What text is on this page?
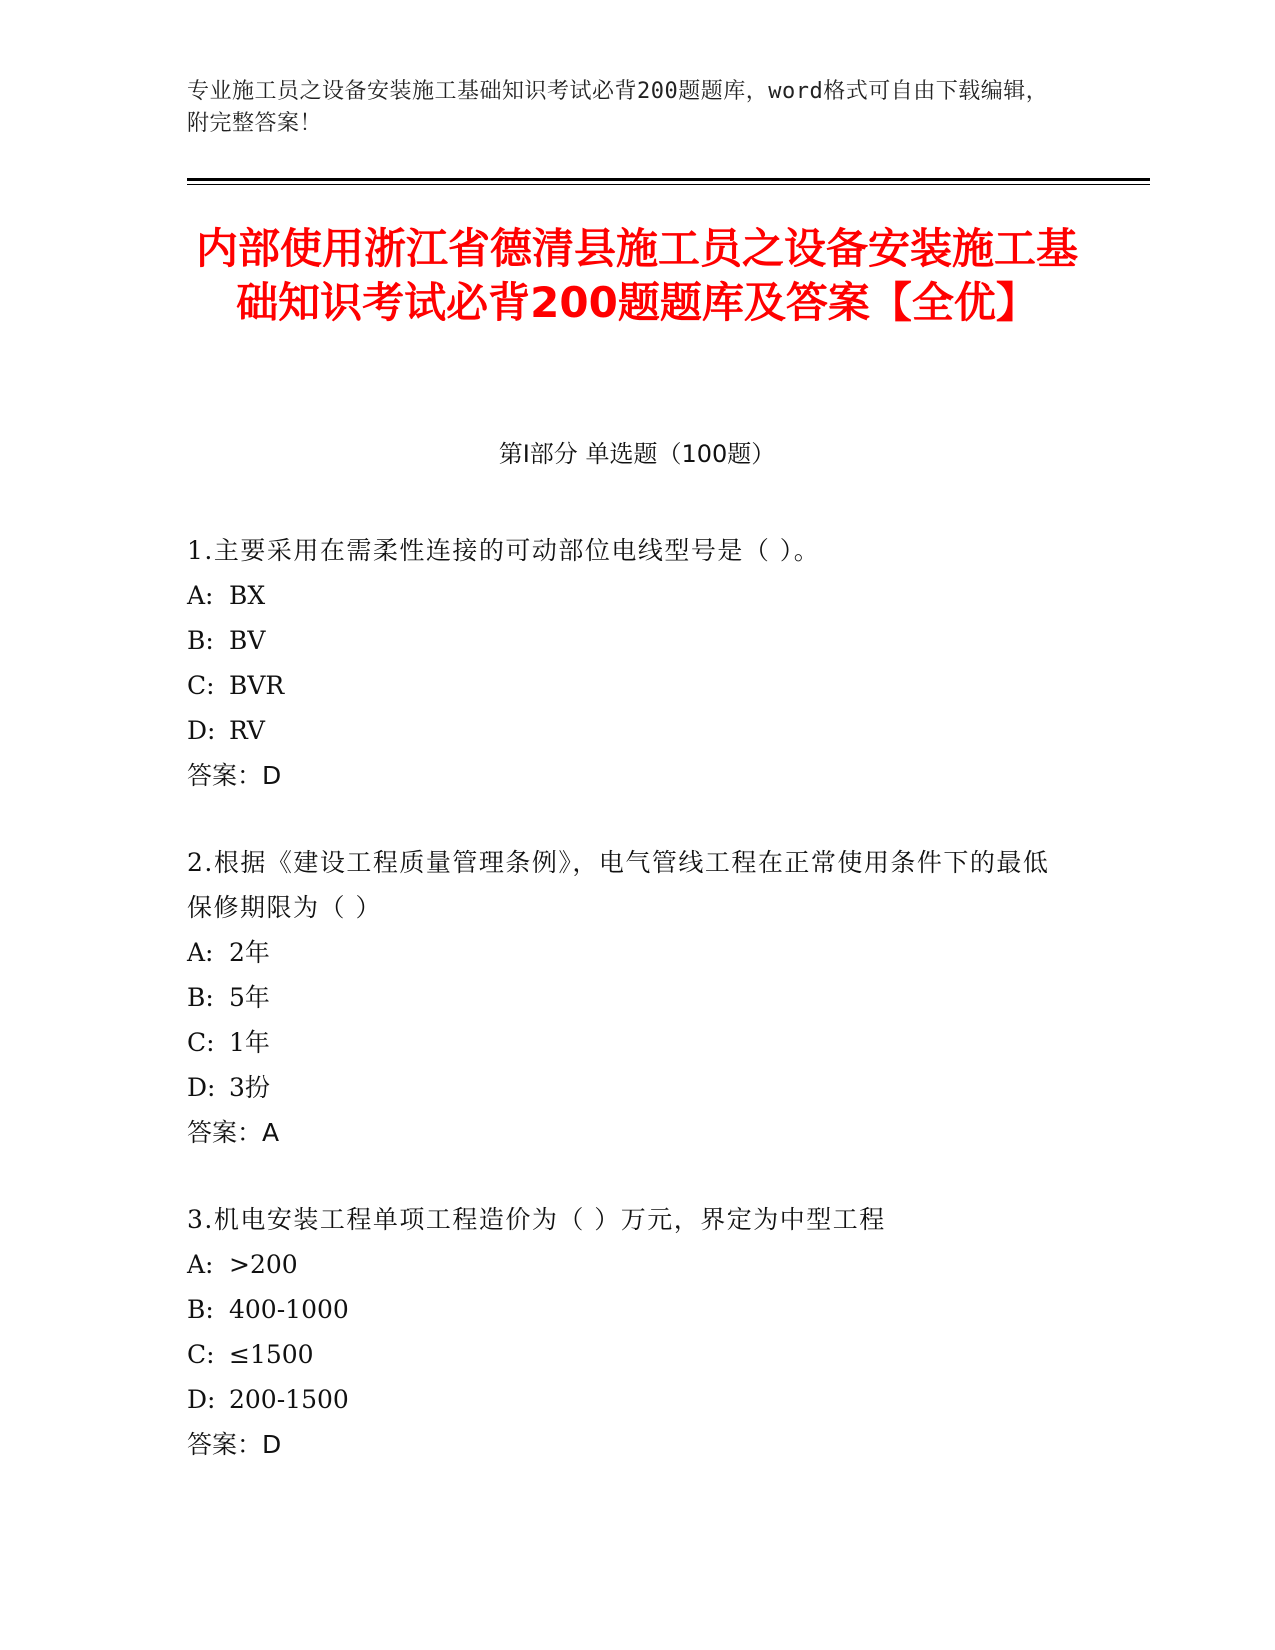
专业施工员之设备安装施工基础知识考试必背200题题库，word格式可自由下载编辑，附完整答案！
内部使用浙江省德清县施工员之设备安装施工基础知识考试必背200题题库及答案【全优】
第Ⅰ部分 单选题（100题）
1.主要采用在需柔性连接的可动部位电线型号是（ ）。
A: BX
B: BV
C: BVR
D: RV
答案：D
2.根据《建设工程质量管理条例》，电气管线工程在正常使用条件下的最低保修期限为（ ）
A: 2年
B: 5年
C: 1年
D: 3扮
答案：A
3.机电安装工程单项工程造价为（ ）万元，界定为中型工程
A: >200
B: 400-1000
C: ≤1500
D: 200-1500
答案：D
